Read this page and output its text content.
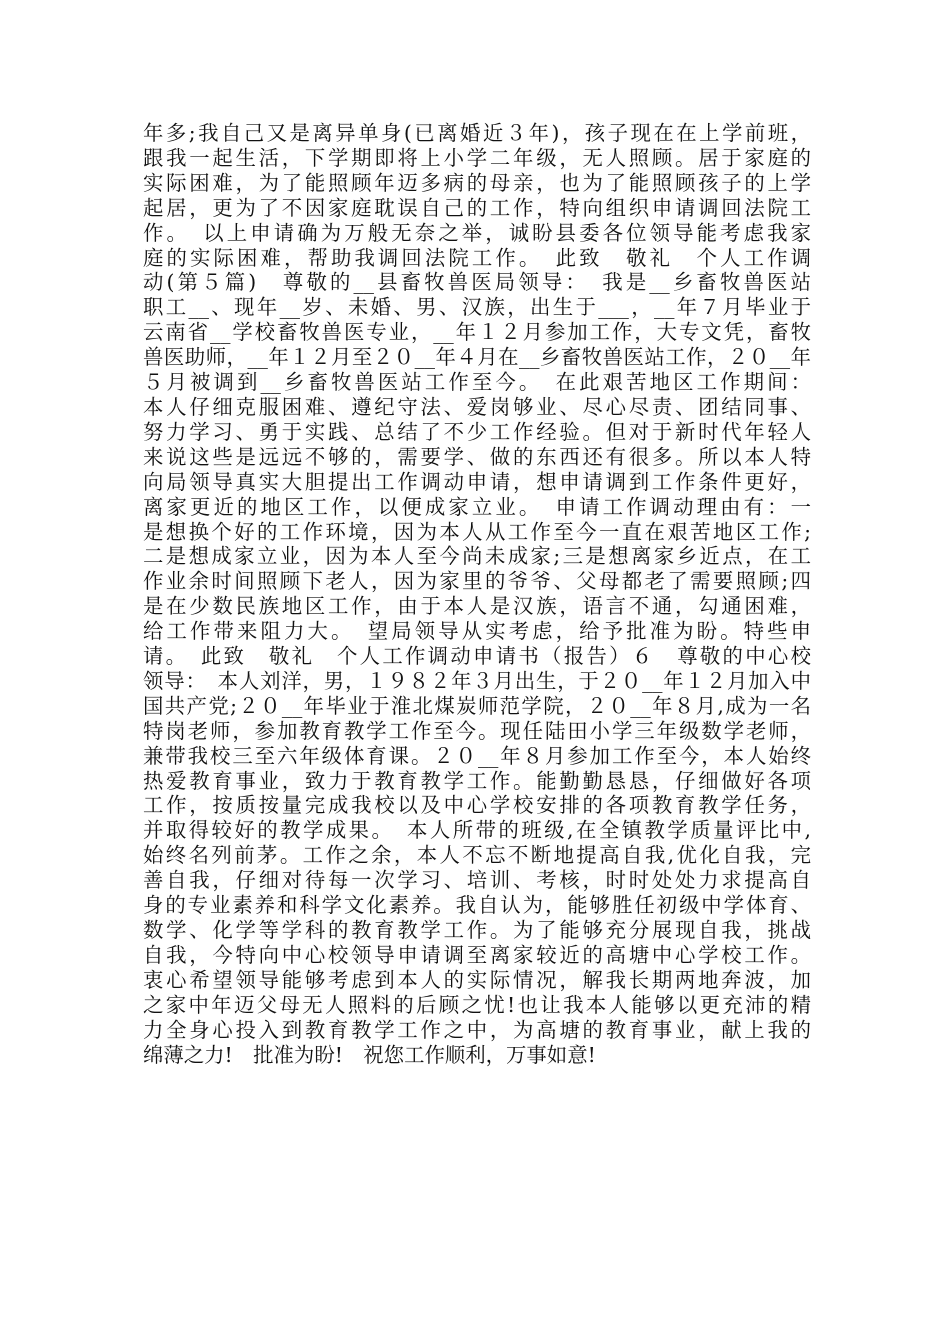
年多;我自己又是离异单身(已离婚近３年)，孩子现在在上学前班，
跟我一起生活，下学期即将上小学二年级，无人照顾。居于家庭的
实际困难，为了能照顾年迈多病的母亲，也为了能照顾孩子的上学
起居，更为了不因家庭耽误自己的工作，特向组织申请调回法院工
作。　以上申请确为万般无奈之举，诚盼县委各位领导能考虑我家
庭的实际困难，帮助我调回法院工作。　此致　敬礼　个人工作调
动(第５篇)　尊敬的__县畜牧兽医局领导：　我是__乡畜牧兽医站
职工__、现年__岁、未婚、男、汉族，出生于___，__年７月毕业于
云南省__学校畜牧兽医专业，__年１２月参加工作，大专文凭，畜牧
兽医助师，__年１２月至２０__年４月在__乡畜牧兽医站工作，２０__年
５月被调到__乡畜牧兽医站工作至今。　在此艰苦地区工作期间：
本人仔细克服困难、遵纪守法、爱岗够业、尽心尽责、团结同事、
努力学习、勇于实践、总结了不少工作经验。但对于新时代年轻人
来说这些是远远不够的，需要学、做的东西还有很多。所以本人特
向局领导真实大胆提出工作调动申请，想申请调到工作条件更好，
离家更近的地区工作，以便成家立业。　申请工作调动理由有：一
是想换个好的工作环境，因为本人从工作至今一直在艰苦地区工作;
二是想成家立业，因为本人至今尚未成家;三是想离家乡近点，在工
作业余时间照顾下老人，因为家里的爷爷、父母都老了需要照顾;四
是在少数民族地区工作，由于本人是汉族，语言不通，勾通困难，
给工作带来阻力大。　望局领导从实考虑，给予批准为盼。特些申
请。　此致　敬礼　个人工作调动申请书（报告）６　尊敬的中心校
领导：　本人刘洋，男，１９８２年３月出生，于２０__年１２月加入中
国共产党;２０__年毕业于淮北煤炭师范学院，２０__年８月,成为一名
特岗老师，参加教育教学工作至今。现任陆田小学三年级数学老师，
兼带我校三至六年级体育课。２０__年８月参加工作至今，本人始终
热爱教育事业，致力于教育教学工作。能勤勤恳恳，仔细做好各项
工作，按质按量完成我校以及中心学校安排的各项教育教学任务，
并取得较好的教学成果。　本人所带的班级,在全镇教学质量评比中,
始终名列前茅。工作之余，本人不忘不断地提高自我,优化自我，完
善自我，仔细对待每一次学习、培训、考核，时时处处力求提高自
身的专业素养和科学文化素养。我自认为，能够胜任初级中学体育、
数学、化学等学科的教育教学工作。为了能够充分展现自我，挑战
自我，今特向中心校领导申请调至离家较近的高塘中心学校工作。
衷心希望领导能够考虑到本人的实际情况，解我长期两地奔波，加
之家中年迈父母无人照料的后顾之忧!也让我本人能够以更充沛的精
力全身心投入到教育教学工作之中，为高塘的教育事业，献上我的
绵薄之力!　批准为盼!　祝您工作顺利，万事如意!
